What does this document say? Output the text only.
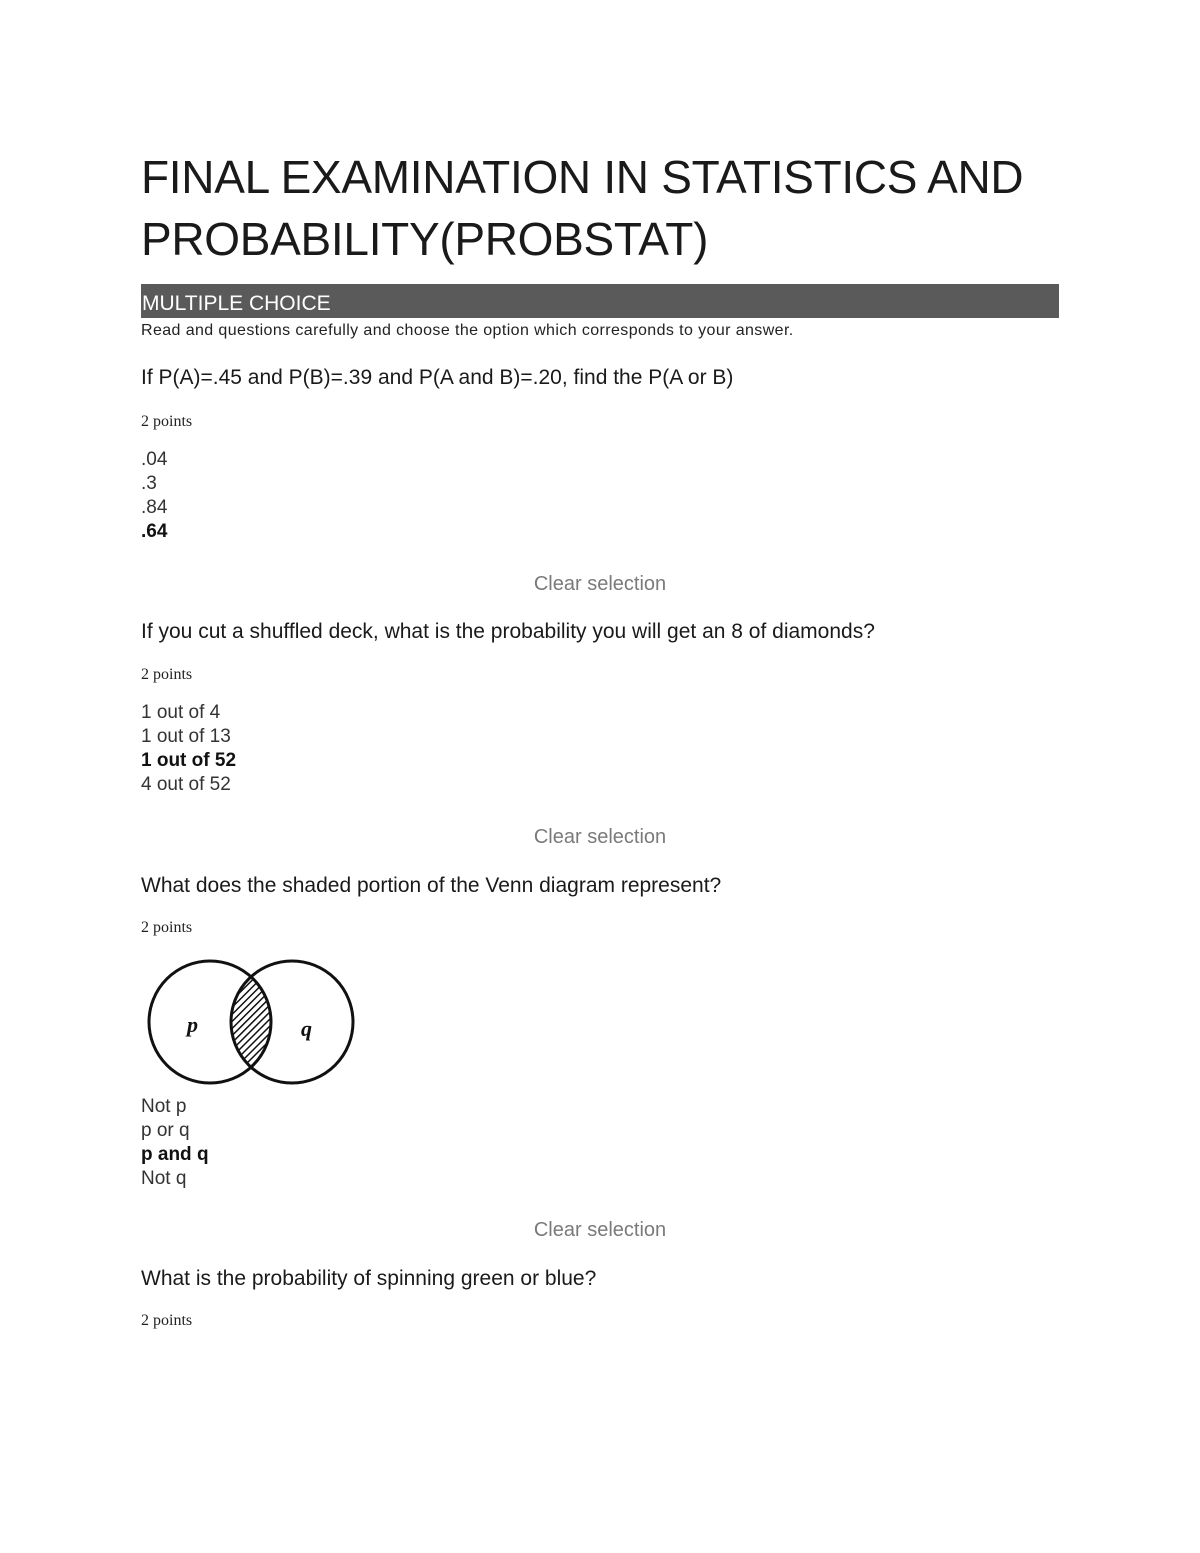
FINAL EXAMINATION IN STATISTICS AND
PROBABILITY(PROBSTAT)
MULTIPLE CHOICE
Read and questions carefully and choose the option which corresponds to your answer.
If P(A)=.45 and P(B)=.39 and P(A and B)=.20, find the P(A or B)
2 points
.04
.3
.84
.64
Clear selection
If you cut a shuffled deck, what is the probability you will get an 8 of diamonds?
2 points
1 out of 4
1 out of 13
1 out of 52
4 out of 52
Clear selection
What does the shaded portion of the Venn diagram represent?
2 points
p	q
Not p
p or q
p and q
Not q
Clear selection
What is the probability of spinning green or blue?
2 points
